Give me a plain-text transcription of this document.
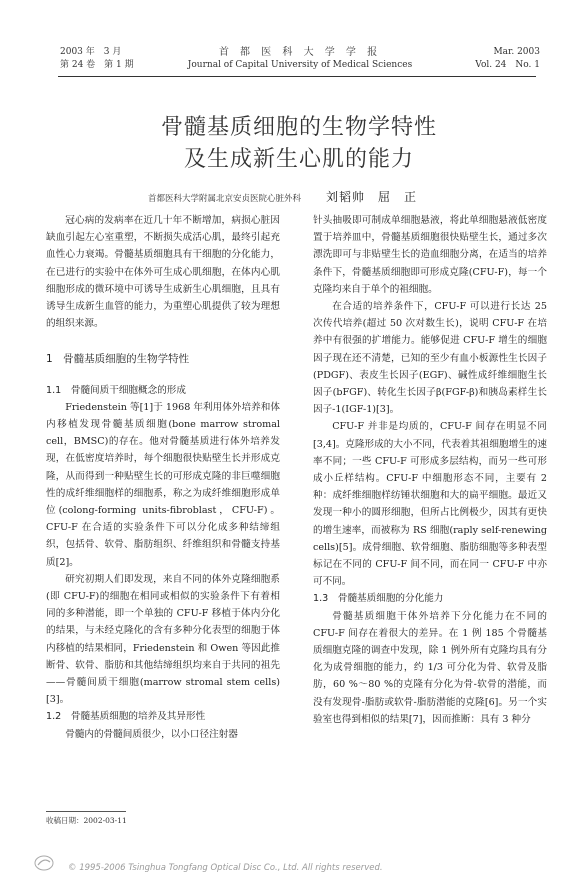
2003 年　3 月
第 24 卷　第 1 期
首 都 医 科 大 学 学 报
Journal of Capital University of Medical Sciences
Mar. 2003
Vol. 24　No. 1
骨髓基质细胞的生物学特性
及生成新生心肌的能力
首都医科大学附属北京安贞医院心脏外科 刘韬帅　屈　正

冠心病的发病率在近几十年不断增加，病损心脏因缺血引起左心室重塑，不断损失成活心肌，最终引起充血性心力衰竭。骨髓基质细胞具有干细胞的分化能力，在已进行的实验中在体外可生成心肌细胞，在体内心肌细胞形成的微环境中可诱导生成新生心肌细胞，且具有诱导生成新生血管的能力，为重塑心肌提供了较为理想的组织来源。

1　骨髓基质细胞的生物学特性

1.1　骨髓间质干细胞概念的形成

Friedenstein 等[1]于 1968 年利用体外培养和体内移植发现骨髓基质细胞(bone marrow stromal cell，BMSC)的存在。他对骨髓基质进行体外培养发现，在低密度培养时，每个细胞很快贴壁生长并形成克隆，从而得到一种贴壁生长的可形成克隆的非巨噬细胞性的成纤维细胞样的细胞系，称之为成纤维细胞形成单位(colong-forming units-fibroblast，CFU-F)。CFU-F 在合适的实验条件下可以分化成多种结缔组织，包括骨、软骨、脂肪组织、纤维组织和骨髓支持基质[2]。

研究初期人们即发现，来自不同的体外克隆细胞系(即 CFU-F)的细胞在相同或相似的实验条件下有着相同的多种潜能，即一个单独的 CFU-F 移植于体内分化的结果，与未经克隆化的含有多种分化表型的细胞于体内移植的结果相同，Friedenstein 和 Owen 等因此推断骨、软骨、脂肪和其他结缔组织均来自于共同的祖先——骨髓间质干细胞(marrow stromal stem cells)[3]。

1.2　骨髓基质细胞的培养及其异形性

骨髓内的骨髓间质很少，以小口径注射器

收稿日期：2002-03-11

针头抽吸即可制成单细胞悬液，将此单细胞悬液低密度置于培养皿中，骨髓基质细胞很快贴壁生长，通过多次漂洗即可与非贴壁生长的造血细胞分离，在适当的培养条件下，骨髓基质细胞即可形成克隆(CFU-F)，每一个克隆均来自于单个的祖细胞。

在合适的培养条件下，CFU-F 可以进行长达 25 次传代培养(超过 50 次对数生长)，说明 CFU-F 在培养中有很强的扩增能力。能够促进 CFU-F 增生的细胞因子现在还不清楚，已知的至少有血小板源性生长因子(PDGF)、表皮生长因子(EGF)、碱性成纤维细胞生长因子(bFGF)、转化生长因子β(FGF-β)和胰岛素样生长因子-1(IGF-1)[3]。

CFU-F 并非是均质的，CFU-F 间存在明显不同[3,4]。克隆形成的大小不同，代表着其祖细胞增生的速率不同；一些 CFU-F 可形成多层结构，而另一些可形成小丘样结构。CFU-F 中细胞形态不同，主要有 2 种：成纤维细胞样纺锤状细胞和大的扁平细胞。最近又发现一种小的圆形细胞，但所占比例极少，因其有更快的增生速率，而被称为 RS 细胞(raply self-renewing cells)[5]。成骨细胞、软骨细胞、脂肪细胞等多种表型标记在不同的 CFU-F 间不同，而在同一 CFU-F 中亦可不同。

1.3　骨髓基质细胞的分化能力

骨髓基质细胞干体外培养下分化能力在不同的 CFU-F 间存在着很大的差异。在 1 例 185 个骨髓基质细胞克隆的调查中发现，除 1 例外所有克隆均具有分化为成骨细胞的能力，约 1/3 可分化为骨、软骨及脂肪，60 %～80 %的克隆有分化为骨-软骨的潜能，而没有发现骨-脂肪或软骨-脂肪潜能的克隆[6]。另一个实验室也得到相似的结果[7]，因而推断：具有 3 种分

© 1995-2006 Tsinghua Tongfang Optical Disc Co., Ltd. All rights reserved.
